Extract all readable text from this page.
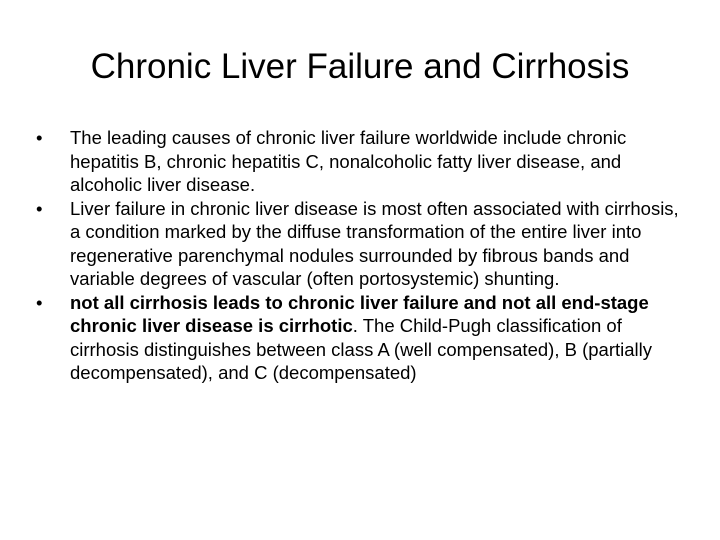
Chronic Liver Failure and Cirrhosis
•	The leading causes of chronic liver failure worldwide include chronic hepatitis B, chronic hepatitis C, nonalcoholic fatty liver disease, and alcoholic liver disease.
•	Liver failure in chronic liver disease is most often associated with cirrhosis, a condition marked by the diffuse transformation of the entire liver into regenerative parenchymal nodules surrounded by fibrous bands and variable degrees of vascular (often portosystemic) shunting.
•	not all cirrhosis leads to chronic liver failure and not all end-stage chronic liver disease is cirrhotic. The Child-Pugh classification of cirrhosis distinguishes between class A (well compensated), B (partially decompensated), and C (decompensated)
